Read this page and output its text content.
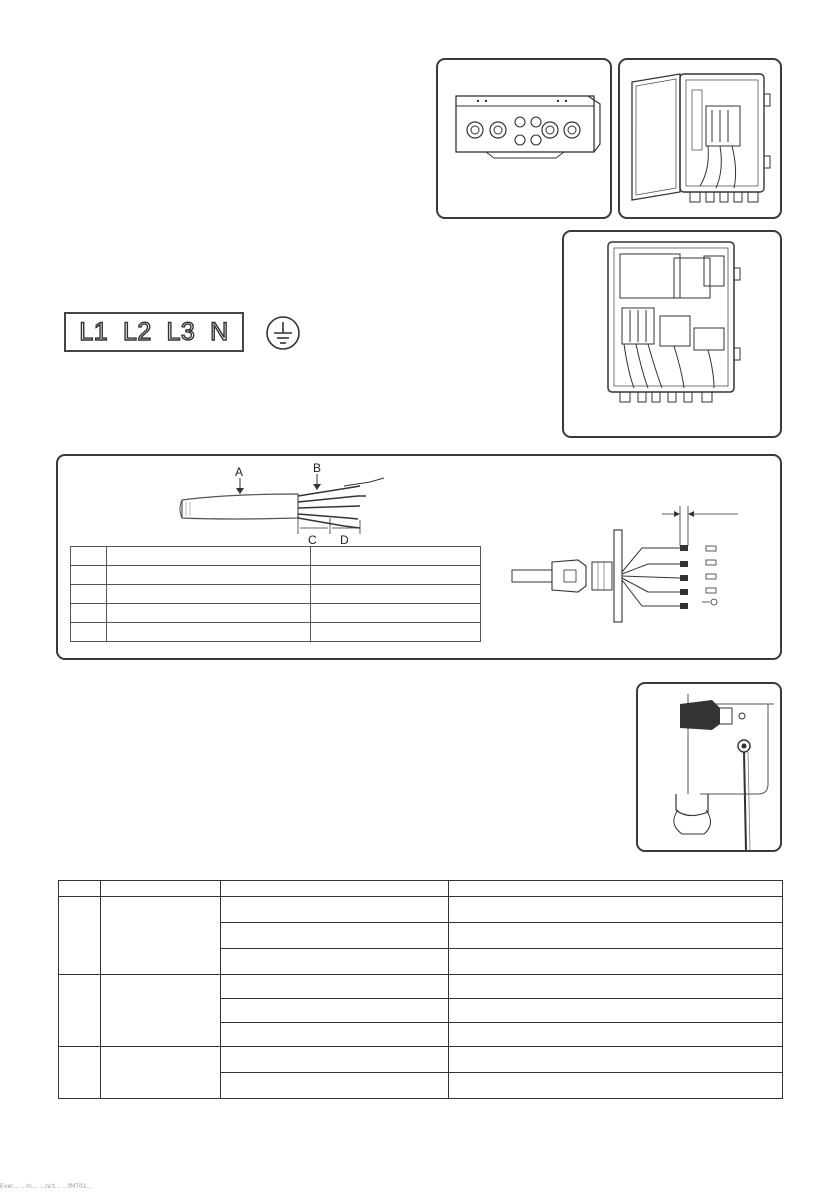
L1 L2 L3 N
A	B
C D

Ever... ...In... ...nct... ...fMT01...
